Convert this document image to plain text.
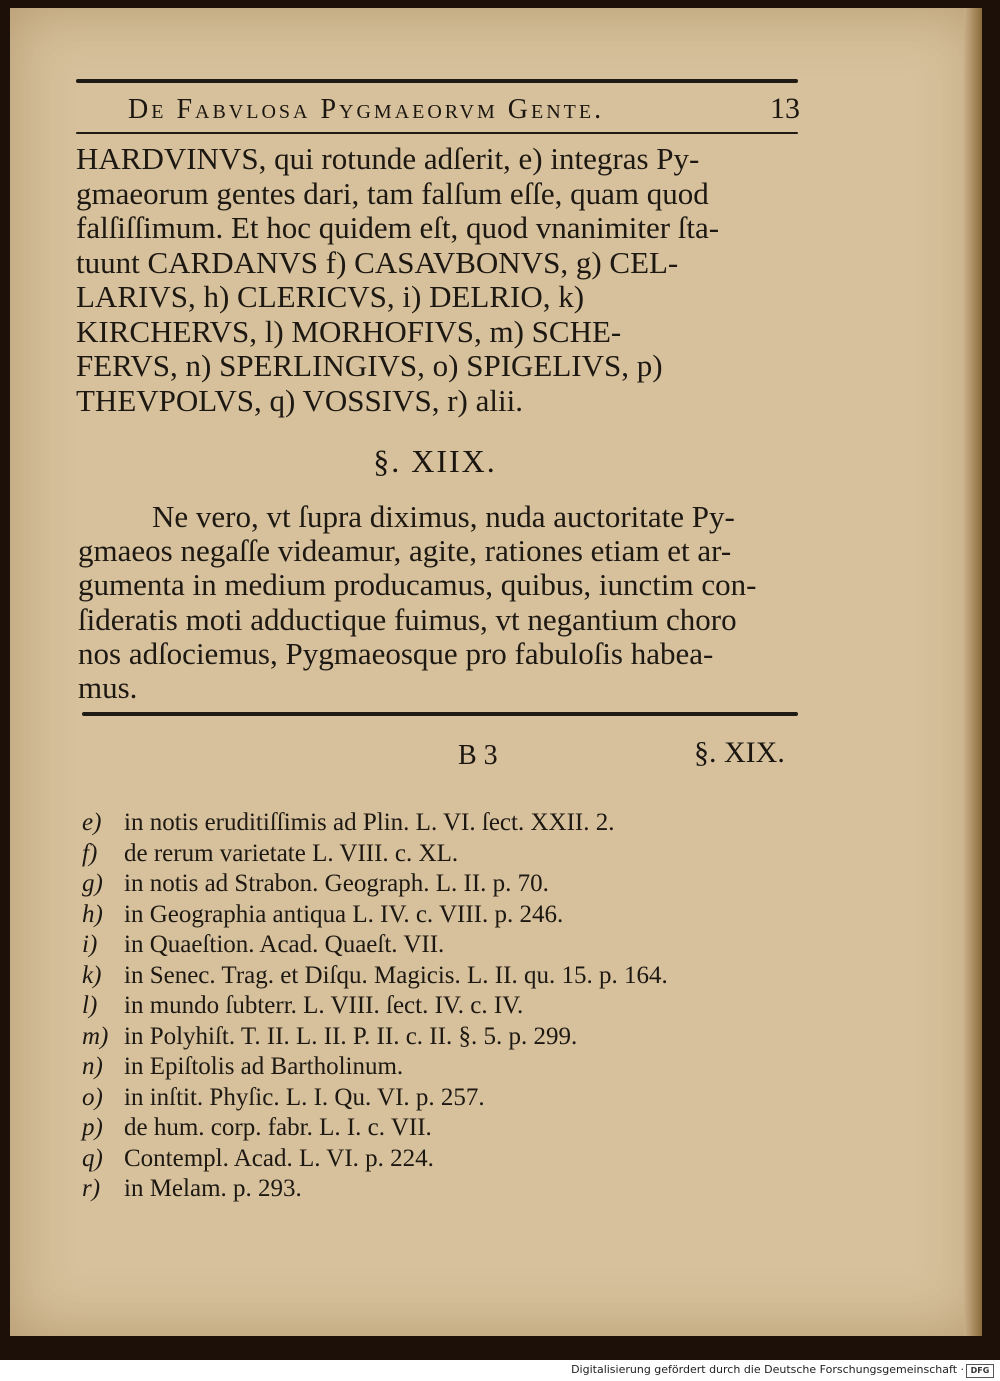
De Fabvlosa Pygmaeorvm Gente.	13
HARDVINVS, qui rotunde adſerit, e) integras Py-
gmaeorum gentes dari, tam falſum eſſe, quam quod
falſiſſimum. Et hoc quidem eſt, quod vnanimiter ſta-
tuunt CARDANVS f) CASAVBONVS, g) CEL-
LARIVS, h) CLERICVS, i) DELRIO, k)
KIRCHERVS, l) MORHOFIVS, m) SCHE-
FERVS, n) SPERLINGIVS, o) SPIGELIVS, p)
THEVPOLVS, q) VOSSIVS, r) alii.
§. XIIX.
Ne vero, vt ſupra diximus, nuda auctoritate Py-
gmaeos negaſſe videamur, agite, rationes etiam et ar-
gumenta in medium producamus, quibus, iunctim con-
ſideratis moti adductique fuimus, vt negantium choro
nos adſociemus, Pygmaeosque pro fabuloſis habea-
mus.
B 3	§. XIX.
e) in notis eruditiſſimis ad Plin. L. VI. ſect. XXII. 2.
f) de rerum varietate L. VIII. c. XL.
g) in notis ad Strabon. Geograph. L. II. p. 70.
h) in Geographia antiqua L. IV. c. VIII. p. 246.
i) in Quaeſtion. Acad. Quaeſt. VII.
k) in Senec. Trag. et Diſqu. Magicis. L. II. qu. 15. p. 164.
l) in mundo ſubterr. L. VIII. ſect. IV. c. IV.
m) in Polyhiſt. T. II. L. II. P. II. c. II. §. 5. p. 299.
n) in Epiſtolis ad Bartholinum.
o) in inſtit. Phyſic. L. I. Qu. VI. p. 257.
p) de hum. corp. fabr. L. I. c. VII.
q) Contempl. Acad. L. VI. p. 224.
r) in Melam. p. 293.
Digitalisierung gefördert durch die Deutsche Forschungsgemeinschaft · DFG
